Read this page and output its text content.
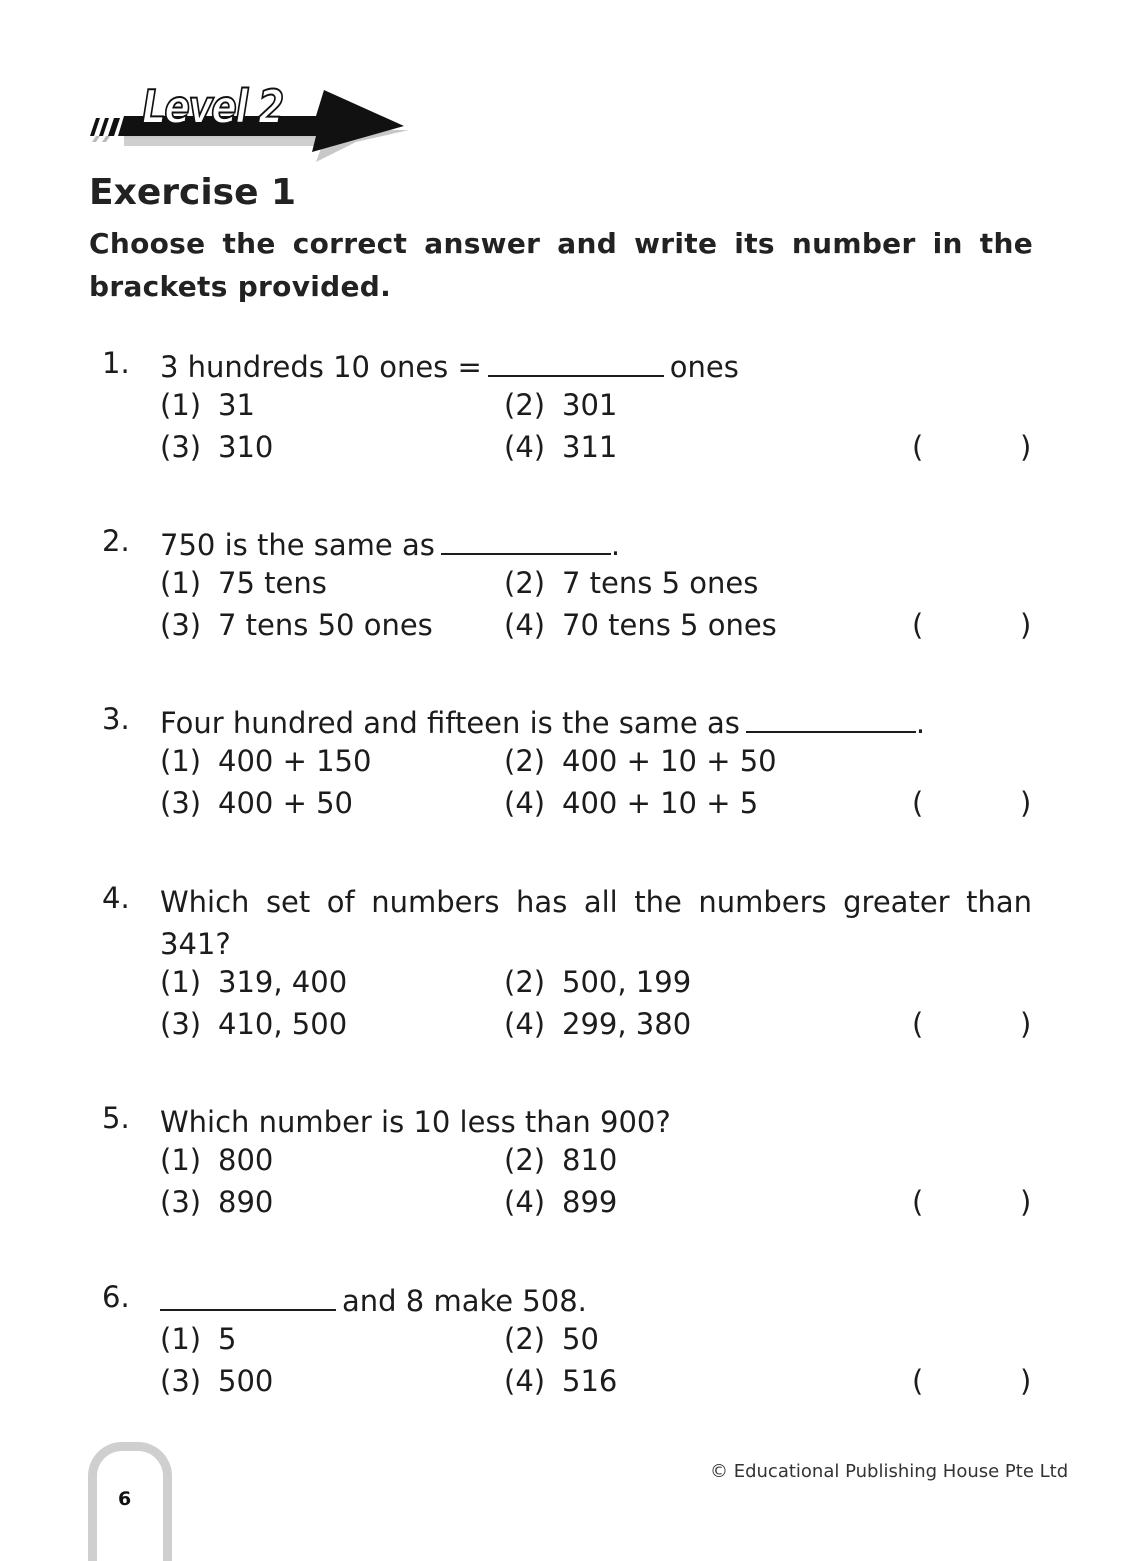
Level 2
Exercise 1
Choose the correct answer and write its number in the brackets provided.
1. 3 hundreds 10 ones =	ones
(1) 31	(2) 301
(3) 310	(4) 311	(	)
2. 750 is the same as	.
(1) 75 tens	(2) 7 tens 5 ones
(3) 7 tens 50 ones (4) 70 tens 5 ones	(	)
3. Four hundred and fifteen is the same as	.
(1) 400 + 150	(2) 400 + 10 + 50
(3) 400 + 50	(4) 400 + 10 + 5	(	)
4. Which set of numbers has all the numbers greater than 341?
(1) 319, 400	(2) 500, 199
(3) 410, 500	(4) 299, 380	(	)
5. Which number is 10 less than 900?
(1) 800	(2) 810
(3) 890	(4) 899	(	)
6.	and 8 make 508.
(1) 5	(2) 50
(3) 500	(4) 516	(	)
6
© Educational Publishing House Pte Ltd
